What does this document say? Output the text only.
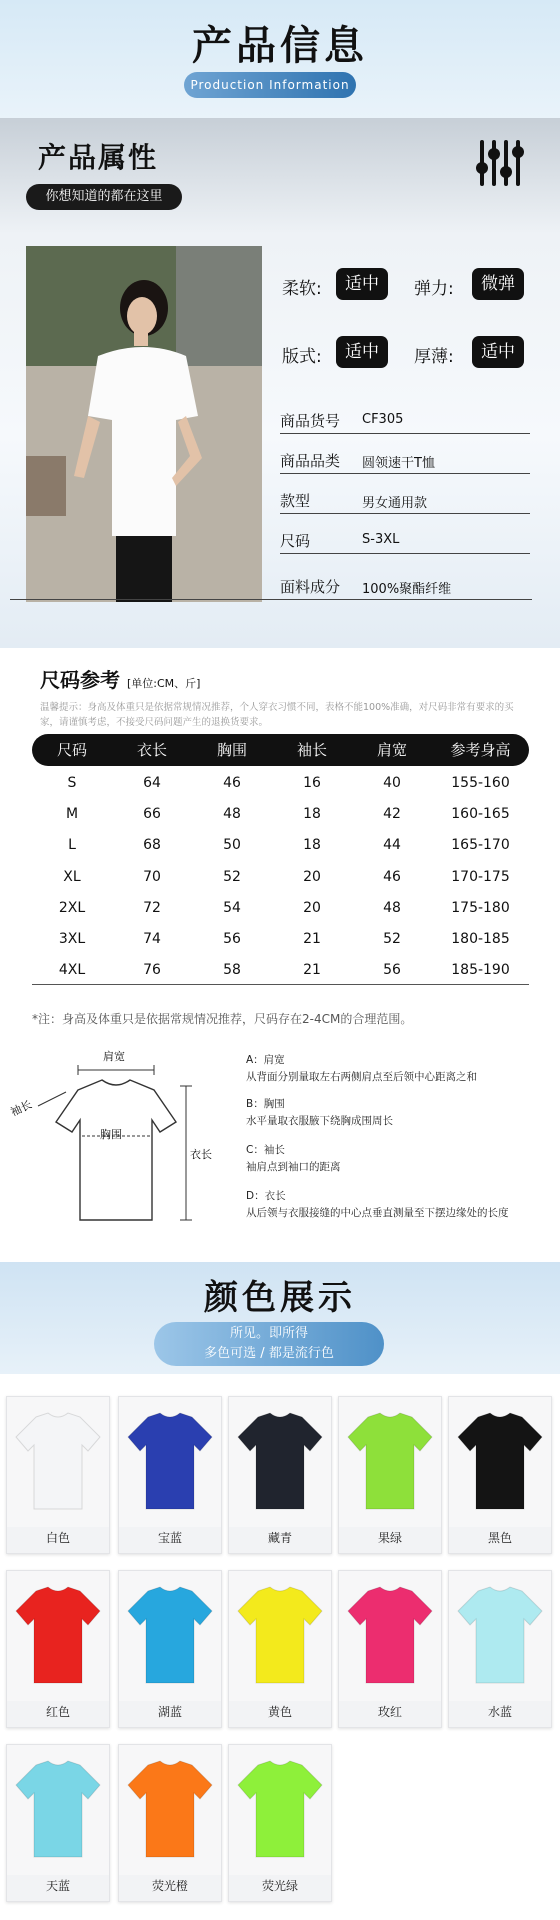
产品信息
Production Information
产品属性
你想知道的都在这里
柔软:	适中	弹力:	微弹
版式:	适中	厚薄:	适中
商品货号 CF305
商品品类 圆领速干T恤
款型	男女通用款
尺码	S-3XL
面料成分 100%聚酯纤维
尺码参考 [单位:CM、斤]
温馨提示：身高及体重只是依据常规情况推荐，个人穿衣习惯不同，表格不能100%准确，对尺码非常有要求的买家，请谨慎考虑，不接受尺码问题产生的退换货要求。
尺码	衣长	胸围	袖长	肩宽	参考身高
*注：身高及体重只是依据常规情况推荐，尺码存在2-4CM的合理范围。
肩宽
袖长
胸围
衣长
A：肩宽
从背面分别量取左右两侧肩点至后领中心距离之和
B：胸围
水平量取衣服腋下绕胸成围周长
C：袖长
袖肩点到袖口的距离
D：衣长
从后领与衣服接缝的中心点垂直测量至下摆边缘处的长度
颜色展示
所见。即所得
多色可选 / 都是流行色
白色	宝蓝	藏青	果绿	黑色
红色	湖蓝	黄色	玫红	水蓝
天蓝	荧光橙	荧光绿
S	64	46	16	40	155-160
M	66	48	18	42	160-165
L	68	50	18	44	165-170
XL	70	52	20	46	170-175
2XL	72	54	20	48	175-180
3XL	74	56	21	52	180-185
4XL	76	58	21	56	185-190
